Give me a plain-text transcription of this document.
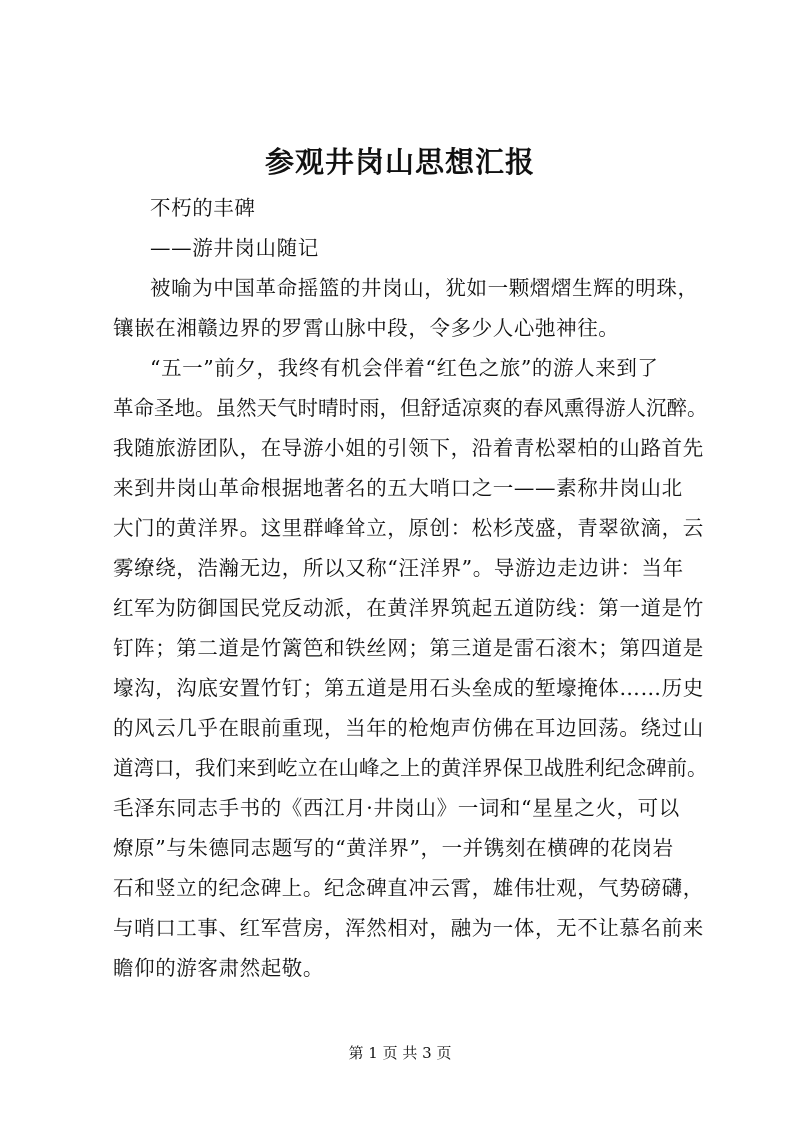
参观井岗山思想汇报
不朽的丰碑
——游井岗山随记
被喻为中国革命摇篮的井岗山，犹如一颗熠熠生辉的明珠，
镶嵌在湘赣边界的罗霄山脉中段，令多少人心弛神往。
“五一”前夕，我终有机会伴着“红色之旅”的游人来到了
革命圣地。虽然天气时晴时雨，但舒适凉爽的春风熏得游人沉醉。
我随旅游团队，在导游小姐的引领下，沿着青松翠柏的山路首先
来到井岗山革命根据地著名的五大哨口之一——素称井岗山北
大门的黄洋界。这里群峰耸立，原创：松杉茂盛，青翠欲滴，云
雾缭绕，浩瀚无边，所以又称“汪洋界”。导游边走边讲：当年
红军为防御国民党反动派，在黄洋界筑起五道防线：第一道是竹
钉阵；第二道是竹篱笆和铁丝网；第三道是雷石滚木；第四道是
壕沟，沟底安置竹钉；第五道是用石头垒成的堑壕掩体……历史
的风云几乎在眼前重现，当年的枪炮声仿佛在耳边回荡。绕过山
道湾口，我们来到屹立在山峰之上的黄洋界保卫战胜利纪念碑前。
毛泽东同志手书的《西江月·井岗山》一词和“星星之火，可以
燎原”与朱德同志题写的“黄洋界”，一并镌刻在横碑的花岗岩
石和竖立的纪念碑上。纪念碑直冲云霄，雄伟壮观，气势磅礴，
与哨口工事、红军营房，浑然相对，融为一体，无不让慕名前来
瞻仰的游客肃然起敬。
第 1 页 共 3 页
